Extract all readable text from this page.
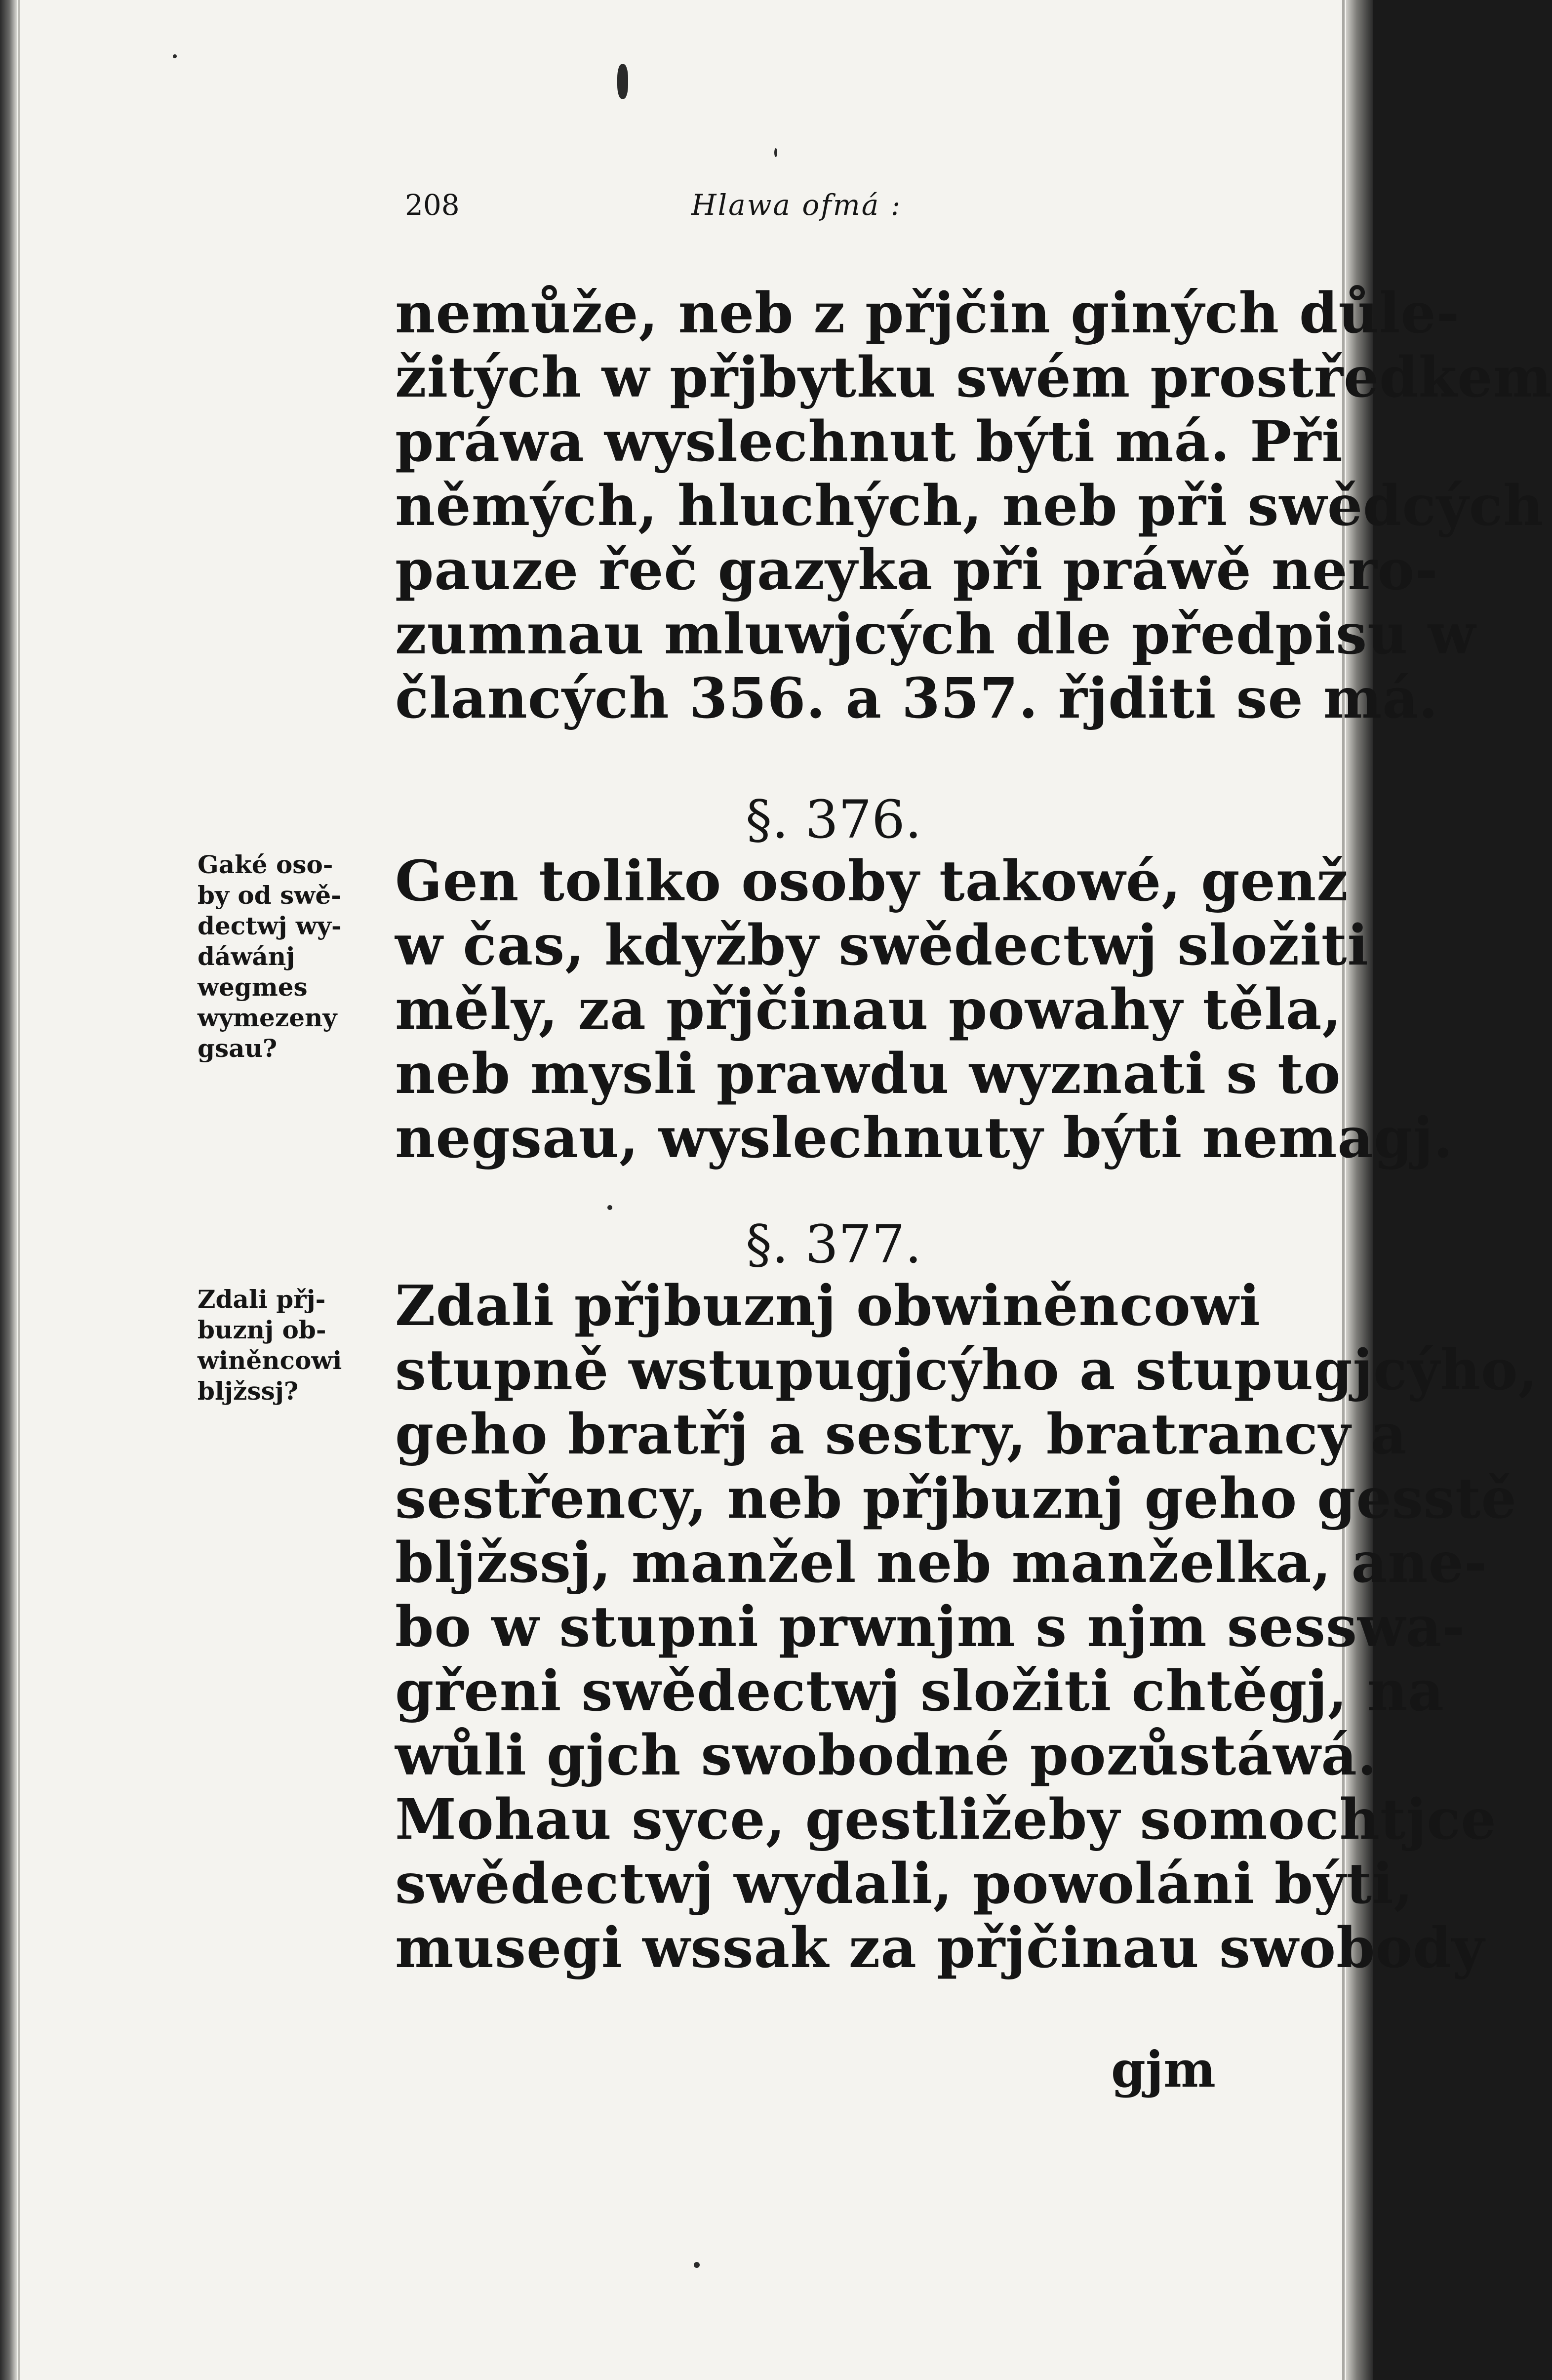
208	Hlawa ofmá :
nemůže, neb z přjčin giných důle-
žitých w přjbytku swém prostředkem
práwa wyslechnut býti má. Při
němých, hluchých, neb při swědcých
pauze řeč gazyka při práwě nero-
zumnau mluwjcých dle předpisu w
člancých 356. a 357. řjditi se má.
§. 376.
Gen toliko osoby takowé, genž
w čas, kdyžby swědectwj složiti
měly, za přjčinau powahy těla,
neb mysli prawdu wyznati s to
negsau, wyslechnuty býti nemagj.
§. 377.
Zdali přjbuznj obwiněncowi
stupně wstupugjcýho a stupugjcýho,
geho bratřj a sestry, bratrancy a
sestřency, neb přjbuznj geho gesstě
bljžssj, manžel neb manželka, ane-
bo w stupni prwnjm s njm sesswa-
gřeni swědectwj složiti chtěgj, na
wůli gjch swobodné pozůstáwá.
Mohau syce, gestližeby somochtjce
swědectwj wydali, powoláni býti,
musegi wssak za přjčinau swobody
gjm
Gaké oso-
by od swě-
dectwj wy-
dáwánj
wegmes
wymezeny
gsau?
Zdali přj-
buznj ob-
winěncowi
bljžssj?
